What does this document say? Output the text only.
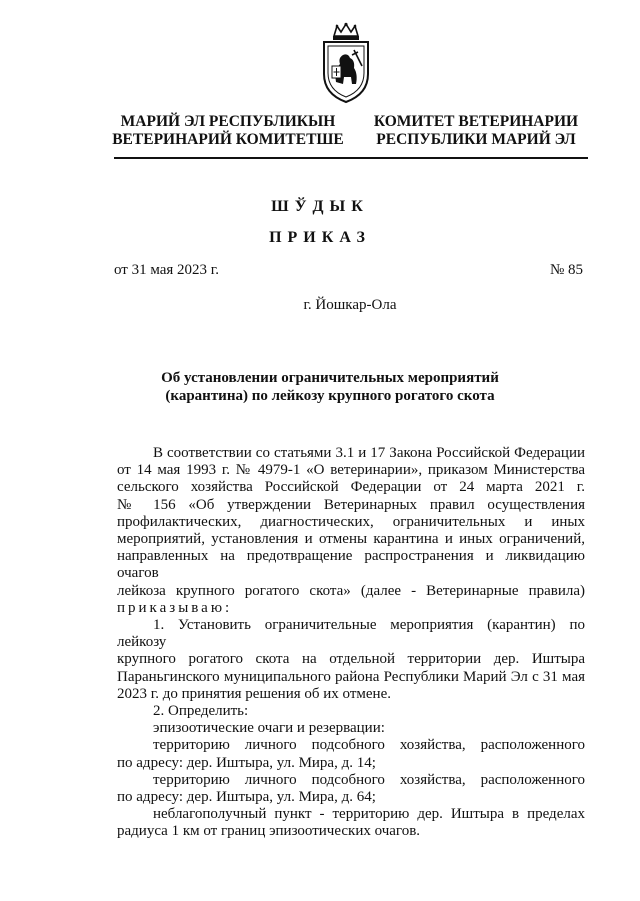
МАРИЙ ЭЛ РЕСПУБЛИКЫН
ВЕТЕРИНАРИЙ КОМИТЕТШЕ
КОМИТЕТ ВЕТЕРИНАРИИ
РЕСПУБЛИКИ МАРИЙ ЭЛ
ШЎДЫК
ПРИКАЗ
от 31 мая 2023 г.	№ 85
г. Йошкар-Ола
Об установлении ограничительных мероприятий
(карантина) по лейкозу крупного рогатого скота

В соответствии со статьями 3.1 и 17 Закона Российской Федерации

от 14 мая 1993 г. № 4979-1 «О ветеринарии», приказом Министерства

сельского хозяйства Российской Федерации от 24 марта 2021 г.

№ 156 «Об утверждении Ветеринарных правил осуществления

профилактических, диагностических, ограничительных и иных

мероприятий, установления и отмены карантина и иных ограничений,

направленных на предотвращение распространения и ликвидацию очагов

лейкоза крупного рогатого скота» (далее - Ветеринарные правила)

приказываю:

1. Установить ограничительные мероприятия (карантин) по лейкозу

крупного рогатого скота на отдельной территории дер. Иштыра

Параньгинского муниципального района Республики Марий Эл с 31 мая

2023 г. до принятия решения об их отмене.

2. Определить:

эпизоотические очаги и резервации:

территорию личного подсобного хозяйства, расположенного

по адресу: дер. Иштыра, ул. Мира, д. 14;

территорию личного подсобного хозяйства, расположенного

по адресу: дер. Иштыра, ул. Мира, д. 64;

неблагополучный пункт - территорию дер. Иштыра в пределах

радиуса 1 км от границ эпизоотических очагов.
